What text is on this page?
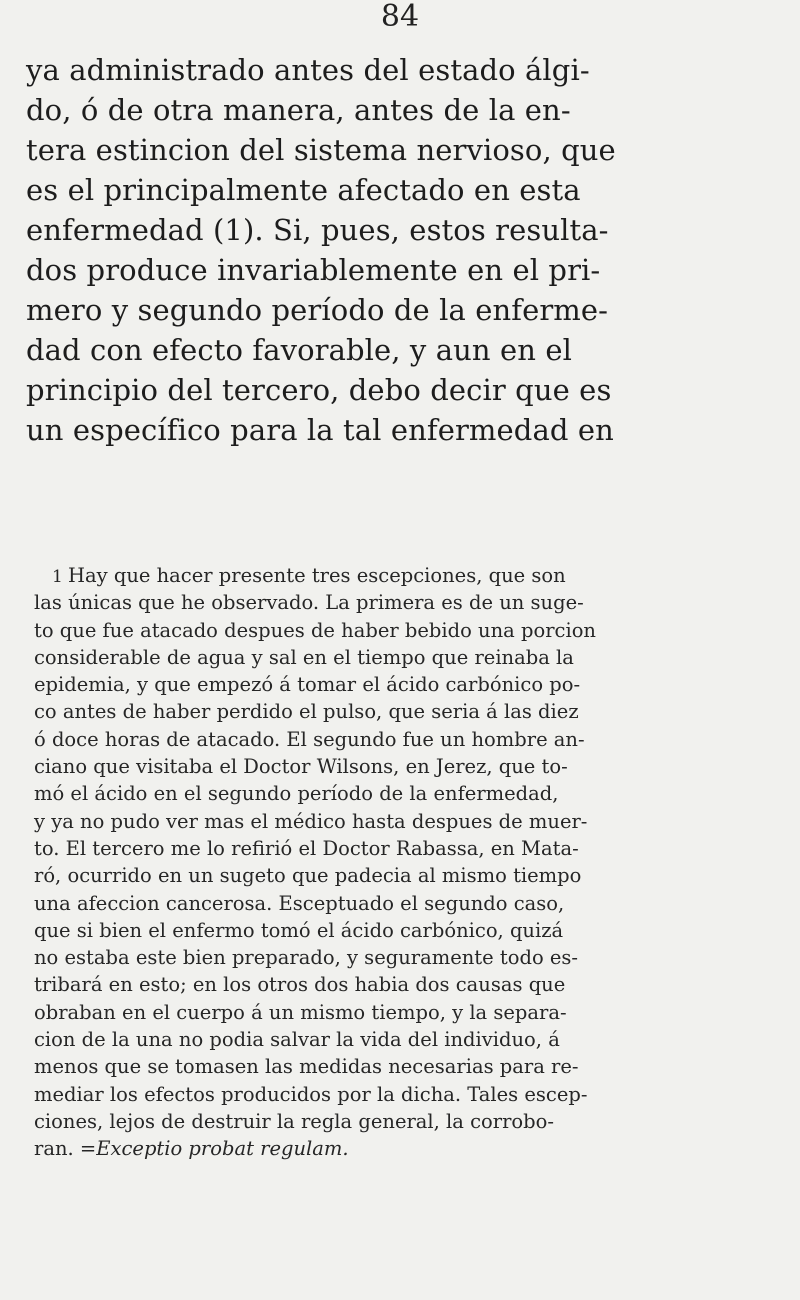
84
ya administrado antes del estado álgi-
do, ó de otra manera, antes de la en-
tera estincion del sistema nervioso, que
es el principalmente afectado en esta
enfermedad (1). Si, pues, estos resulta-
dos produce invariablemente en el pri-
mero y segundo período de la enferme-
dad con efecto favorable, y aun en el
principio del tercero, debo decir que es
un específico para la tal enfermedad en
1 Hay que hacer presente tres escepciones, que son
las únicas que he observado. La primera es de un suge-
to que fue atacado despues de haber bebido una porcion
considerable de agua y sal en el tiempo que reinaba la
epidemia, y que empezó á tomar el ácido carbónico po-
co antes de haber perdido el pulso, que seria á las diez
ó doce horas de atacado. El segundo fue un hombre an-
ciano que visitaba el Doctor Wilsons, en Jerez, que to-
mó el ácido en el segundo período de la enfermedad,
y ya no pudo ver mas el médico hasta despues de muer-
to. El tercero me lo refirió el Doctor Rabassa, en Mata-
ró, ocurrido en un sugeto que padecia al mismo tiempo
una afeccion cancerosa. Esceptuado el segundo caso,
que si bien el enfermo tomó el ácido carbónico, quizá
no estaba este bien preparado, y seguramente todo es-
tribará en esto; en los otros dos habia dos causas que
obraban en el cuerpo á un mismo tiempo, y la separa-
cion de la una no podia salvar la vida del individuo, á
menos que se tomasen las medidas necesarias para re-
mediar los efectos producidos por la dicha. Tales escep-
ciones, lejos de destruir la regla general, la corrobo-
ran. =Exceptio probat regulam.
